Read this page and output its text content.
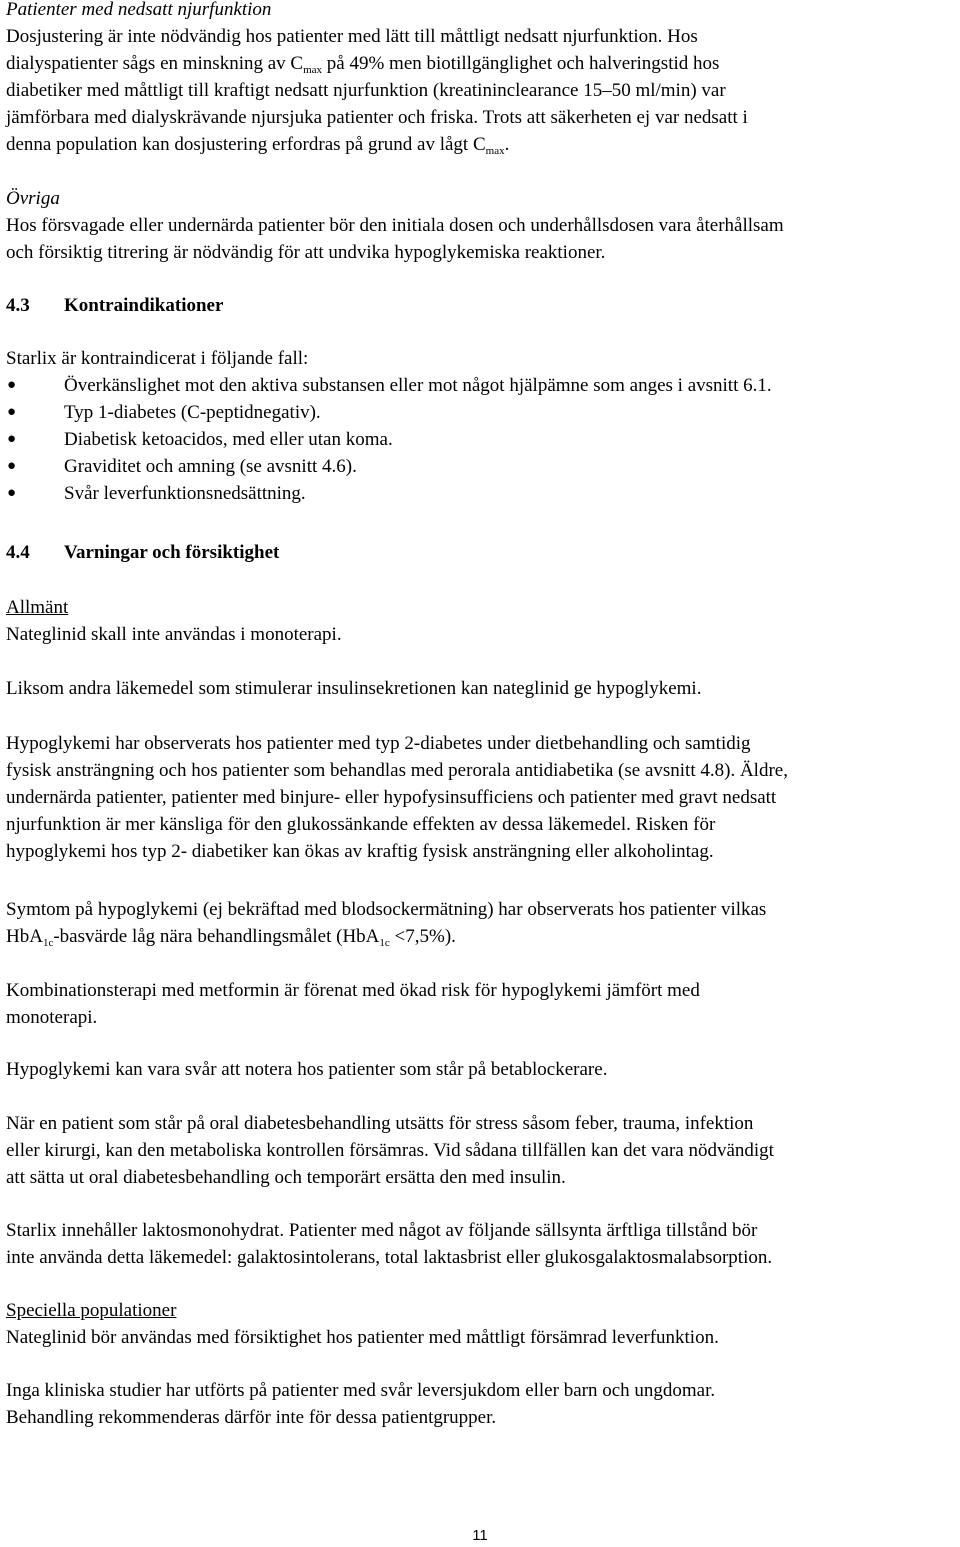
Patienter med nedsatt njurfunktion
Dosjustering är inte nödvändig hos patienter med lätt till måttligt nedsatt njurfunktion. Hos
dialyspatienter sågs en minskning av $C_{max}$ på 49% men biotillgänglighet och halveringstid hos
diabetiker med måttligt till kraftigt nedsatt njurfunktion (kreatininclearance 15–50 ml/min) var
jämförbara med dialyskrävande njursjuka patienter och friska. Trots att säkerheten ej var nedsatt i
denna population kan dosjustering erfordras på grund av lågt $C_{max}$.
Övriga
Hos försvagade eller undernärda patienter bör den initiala dosen och underhållsdosen vara återhållsam
och försiktig titrering är nödvändig för att undvika hypoglykemiska reaktioner.
4.3 Kontraindikationer
Starlix är kontraindicerat i följande fall:
●	Överkänslighet mot den aktiva substansen eller mot något hjälpämne som anges i avsnitt 6.1.
●	Typ 1-diabetes (C-peptidnegativ).
●	Diabetisk ketoacidos, med eller utan koma.
●	Graviditet och amning (se avsnitt 4.6).
●	Svår leverfunktionsnedsättning.
4.4 Varningar och försiktighet
Allmänt
Nateglinid skall inte användas i monoterapi.
Liksom andra läkemedel som stimulerar insulinsekretionen kan nateglinid ge hypoglykemi.
Hypoglykemi har observerats hos patienter med typ 2-diabetes under dietbehandling och samtidig
fysisk ansträngning och hos patienter som behandlas med perorala antidiabetika (se avsnitt 4.8). Äldre,
undernärda patienter, patienter med binjure- eller hypofysinsufficiens och patienter med gravt nedsatt
njurfunktion är mer känsliga för den glukossänkande effekten av dessa läkemedel. Risken för
hypoglykemi hos typ 2- diabetiker kan ökas av kraftig fysisk ansträngning eller alkoholintag.
Symtom på hypoglykemi (ej bekräftad med blodsockermätning) har observerats hos patienter vilkas
HbA$_{1c}$-basvärde låg nära behandlingsmålet (HbA$_{1c}$ <7,5%).
Kombinationsterapi med metformin är förenat med ökad risk för hypoglykemi jämfört med
monoterapi.
Hypoglykemi kan vara svår att notera hos patienter som står på betablockerare.
När en patient som står på oral diabetesbehandling utsätts för stress såsom feber, trauma, infektion
eller kirurgi, kan den metaboliska kontrollen försämras. Vid sådana tillfällen kan det vara nödvändigt
att sätta ut oral diabetesbehandling och temporärt ersätta den med insulin.
Starlix innehåller laktosmonohydrat. Patienter med något av följande sällsynta ärftliga tillstånd bör
inte använda detta läkemedel: galaktosintolerans, total laktasbrist eller glukosgalaktosmalabsorption.
Speciella populationer
Nateglinid bör användas med försiktighet hos patienter med måttligt försämrad leverfunktion.
Inga kliniska studier har utförts på patienter med svår leversjukdom eller barn och ungdomar.
Behandling rekommenderas därför inte för dessa patientgrupper.
11
